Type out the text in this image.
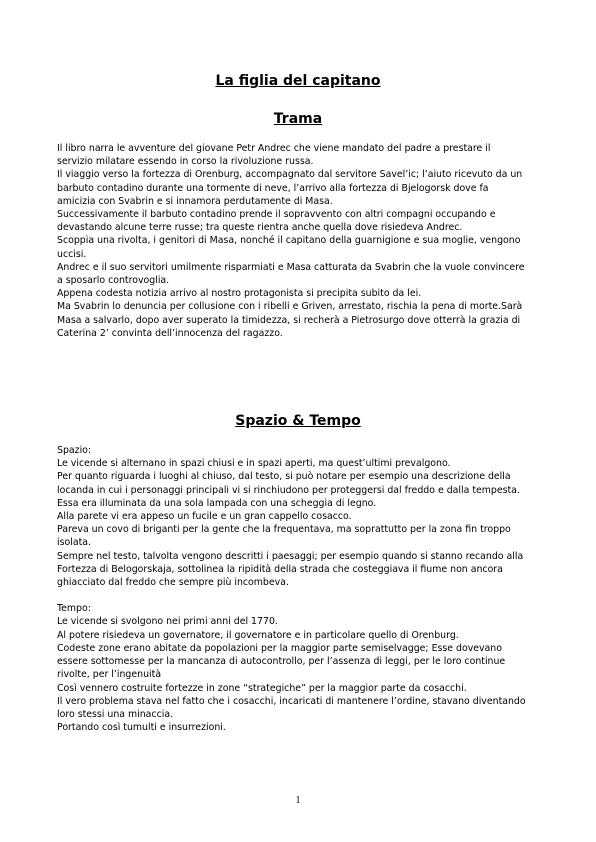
La figlia del capitano
Trama

Il libro narra le avventure del giovane Petr Andrec che viene mandato del padre a prestare il

servizio milatare essendo in corso la rivoluzione russa.

Il viaggio verso la fortezza di Orenburg, accompagnato dal servitore Savel’ic; l’aiuto ricevuto da un

barbuto contadino durante una tormente di neve, l’arrivo alla fortezza di Bjelogorsk dove fa

amicizia con Svabrin e si innamora perdutamente di Masa.

Successivamente il barbuto contadino prende il sopravvento con altri compagni occupando e

devastando alcune terre russe; tra queste rientra anche quella dove risiedeva Andrec.

Scoppia una rivolta, i genitori di Masa, nonché il capitano della guarnigione e sua moglie, vengono

uccisi.

Andrec e il suo servitori umilmente risparmiati e Masa catturata da Svabrin che la vuole convincere

a sposarlo controvoglia.

Appena codesta notizia arrivo al nostro protagonista si precipita subito da lei.

Ma Svabrin lo denuncia per collusione con i ribelli e Griven, arrestato, rischia la pena di morte.Sarà

Masa a salvarlo, dopo aver superato la timidezza, si recherà a Pietrosurgo dove otterrà la grazia di

Caterina 2’ convinta dell’innocenza del ragazzo.

Spazio & Tempo

Spazio:

Le vicende si alternano in spazi chiusi e in spazi aperti, ma quest’ultimi prevalgono.

Per quanto riguarda i luoghi al chiuso, dal testo, si può notare per esempio una descrizione della

locanda in cui i personaggi principali vi si rinchiudono per proteggersi dal freddo e dalla tempesta.

Essa era illuminata da una sola lampada con una scheggia di legno.

Alla parete vi era appeso un fucile e un gran cappello cosacco.

Pareva un covo di briganti per la gente che la frequentava, ma soprattutto per la zona fin troppo

isolata.

Sempre nel testo, talvolta vengono descritti i paesaggi; per esempio quando si stanno recando alla

Fortezza di Belogorskaja, sottolinea la ripidità della strada che costeggiava il fiume non ancora

ghiacciato dal freddo che sempre più incombeva.

Tempo:

Le vicende si svolgono nei primi anni del 1770.

Al potere risiedeva un governatore, il governatore e in particolare quello di Orenburg.

Codeste zone erano abitate da popolazioni per la maggior parte semiselvagge; Esse dovevano

essere sottomesse per la mancanza di autocontrollo, per l’assenza di leggi, per le loro continue

rivolte, per l’ingenuità

Così vennero costruite fortezze in zone “strategiche” per la maggior parte da cosacchi.

Il vero problema stava nel fatto che i cosacchi, incaricati di mantenere l’ordine, stavano diventando

loro stessi una minaccia.

Portando così tumulti e insurrezioni.

1
